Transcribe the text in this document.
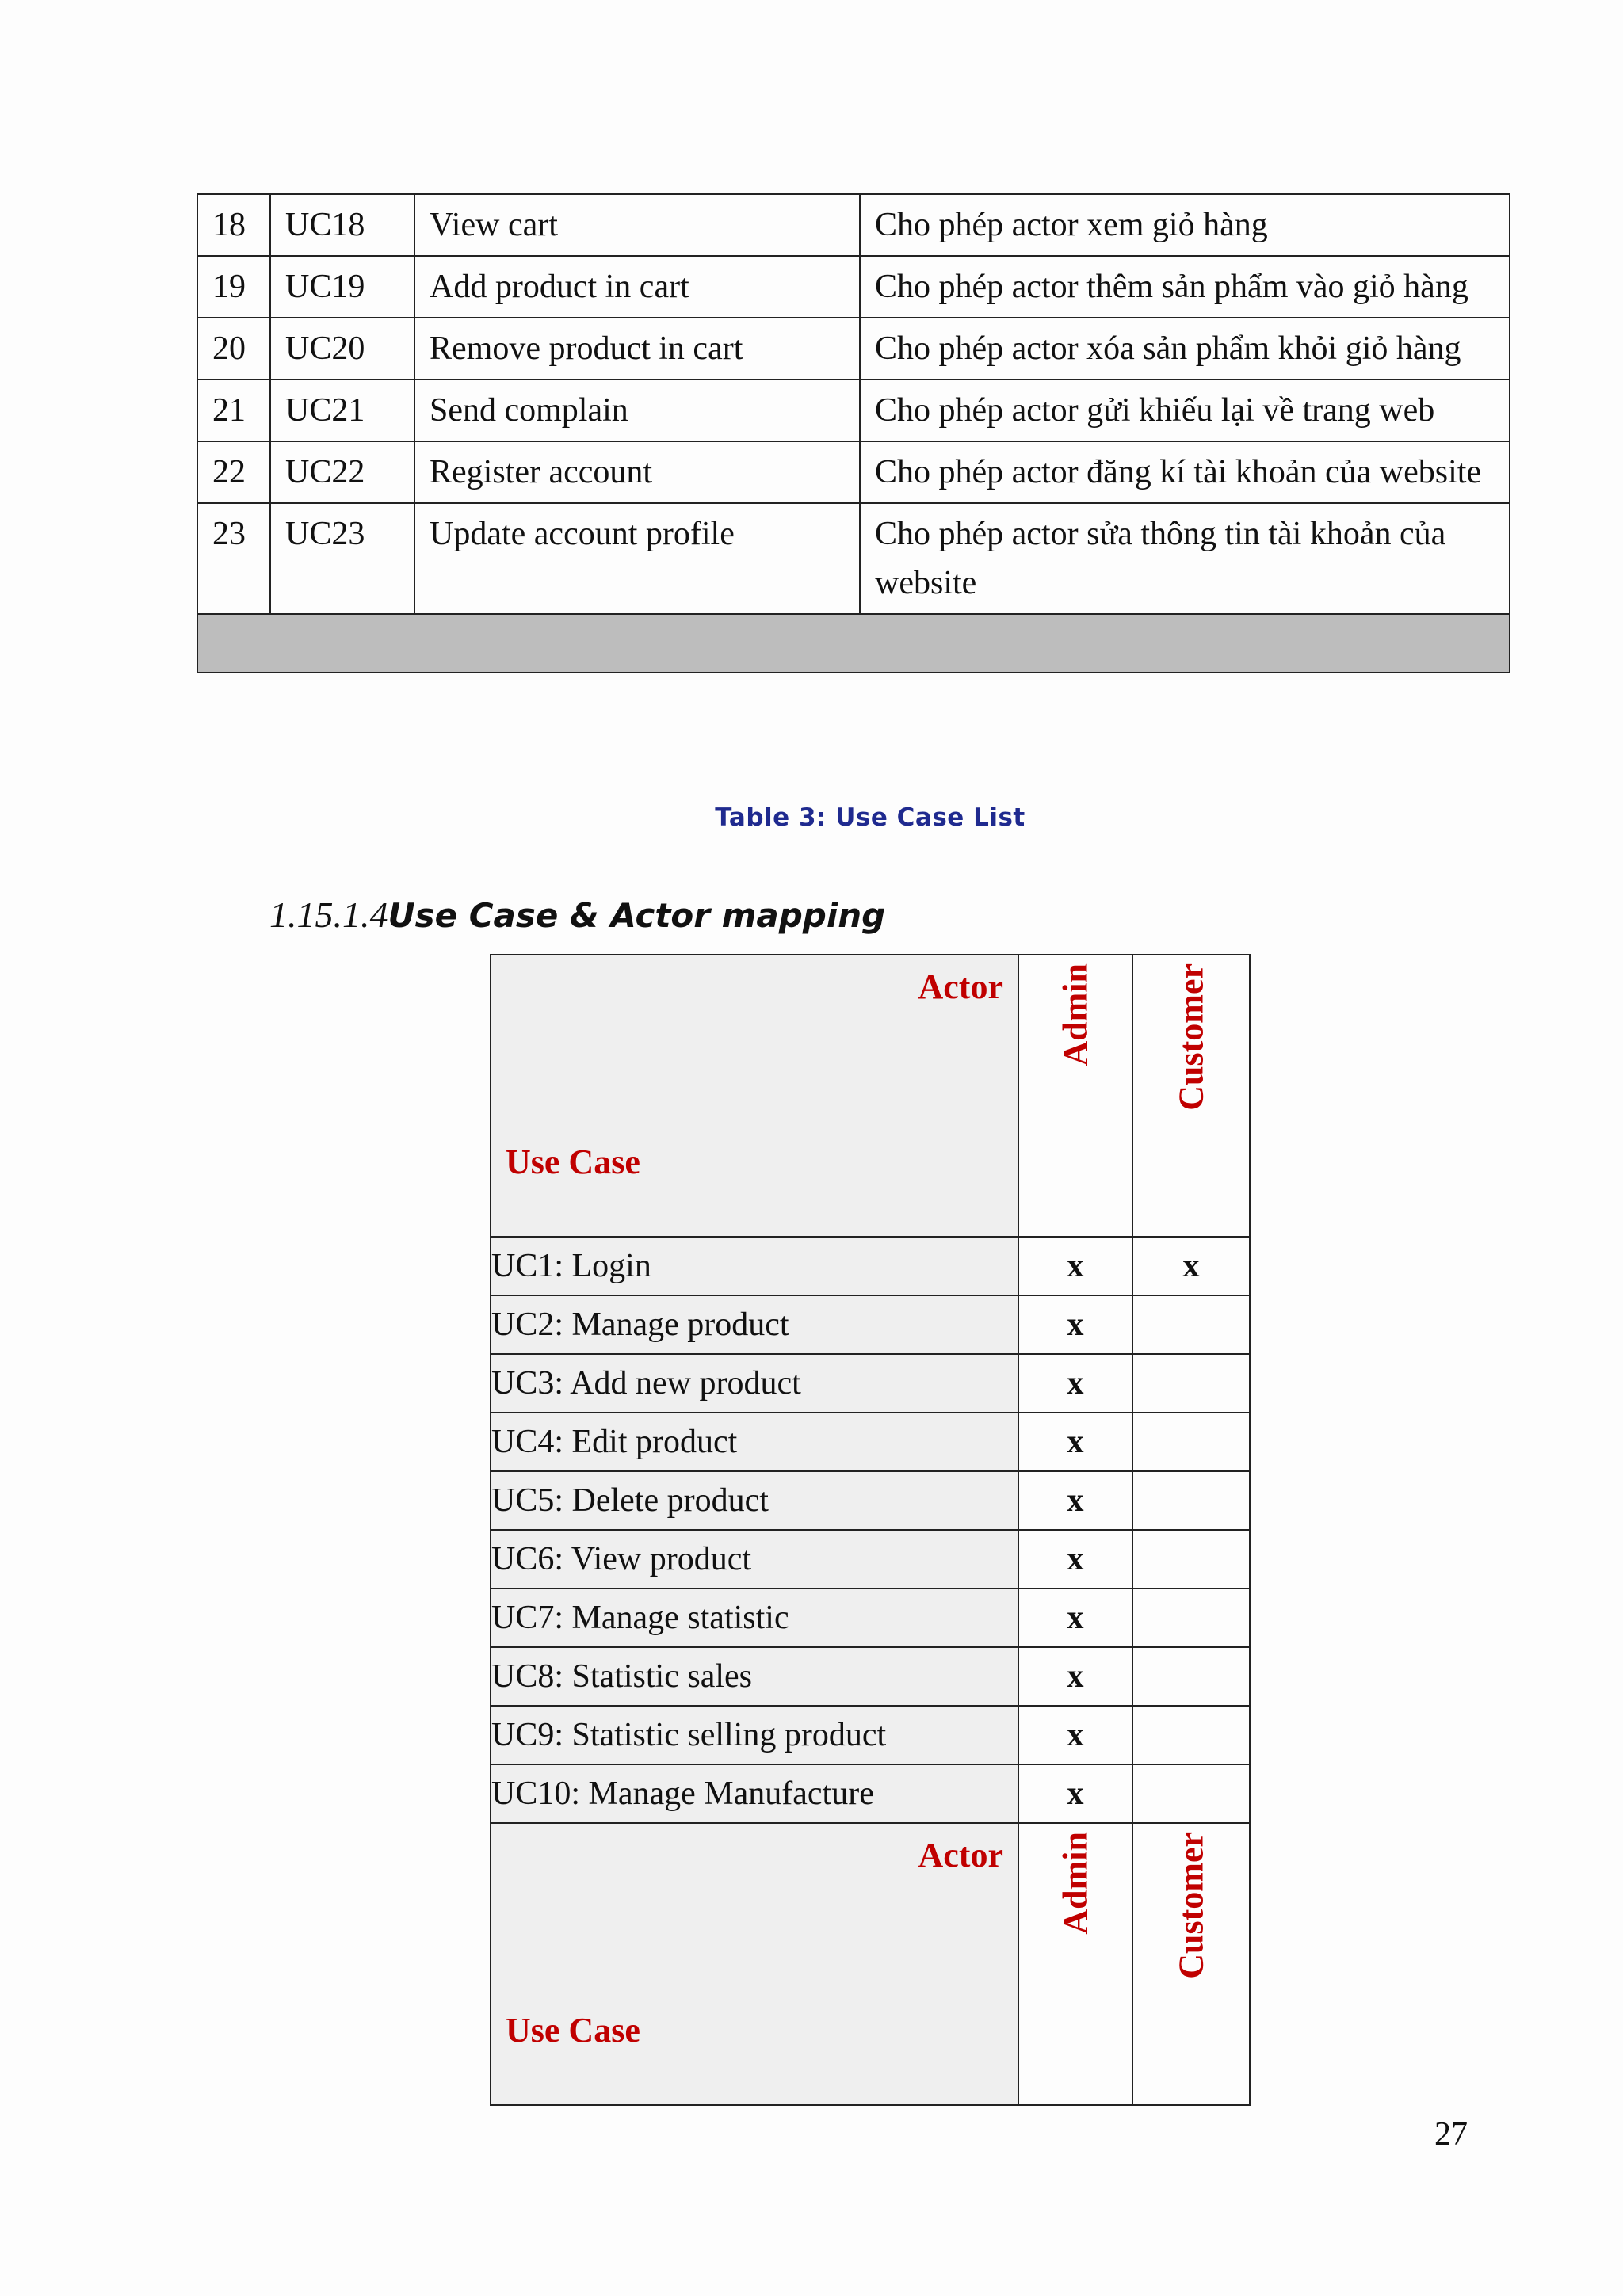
18	UC18	View cart	Cho phép actor xem giỏ hàng
19	UC19	Add product in cart	Cho phép actor thêm sản phẩm vào giỏ hàng
20	UC20	Remove product in cart	Cho phép actor xóa sản phẩm khỏi giỏ hàng
21	UC21	Send complain	Cho phép actor gửi khiếu lại về trang web
22	UC22	Register account	Cho phép actor đăng kí tài khoản của website
23	UC23	Update account profile	Cho phép actor sửa thông tin tài khoản của website

Table 3: Use Case List
1.15.1.4Use Case & Actor mapping
Actor
Use Case	Admin	Customer

UC1: Login	x	x
UC2: Manage product	x	
UC3: Add new product	x	
UC4: Edit product	x	
UC5: Delete product	x	
UC6: View product	x	
UC7: Manage statistic	x	
UC8: Statistic sales	x	
UC9: Statistic selling product	x	
UC10: Manage Manufacture	x	

Actor
Use Case	Admin	Customer
27
